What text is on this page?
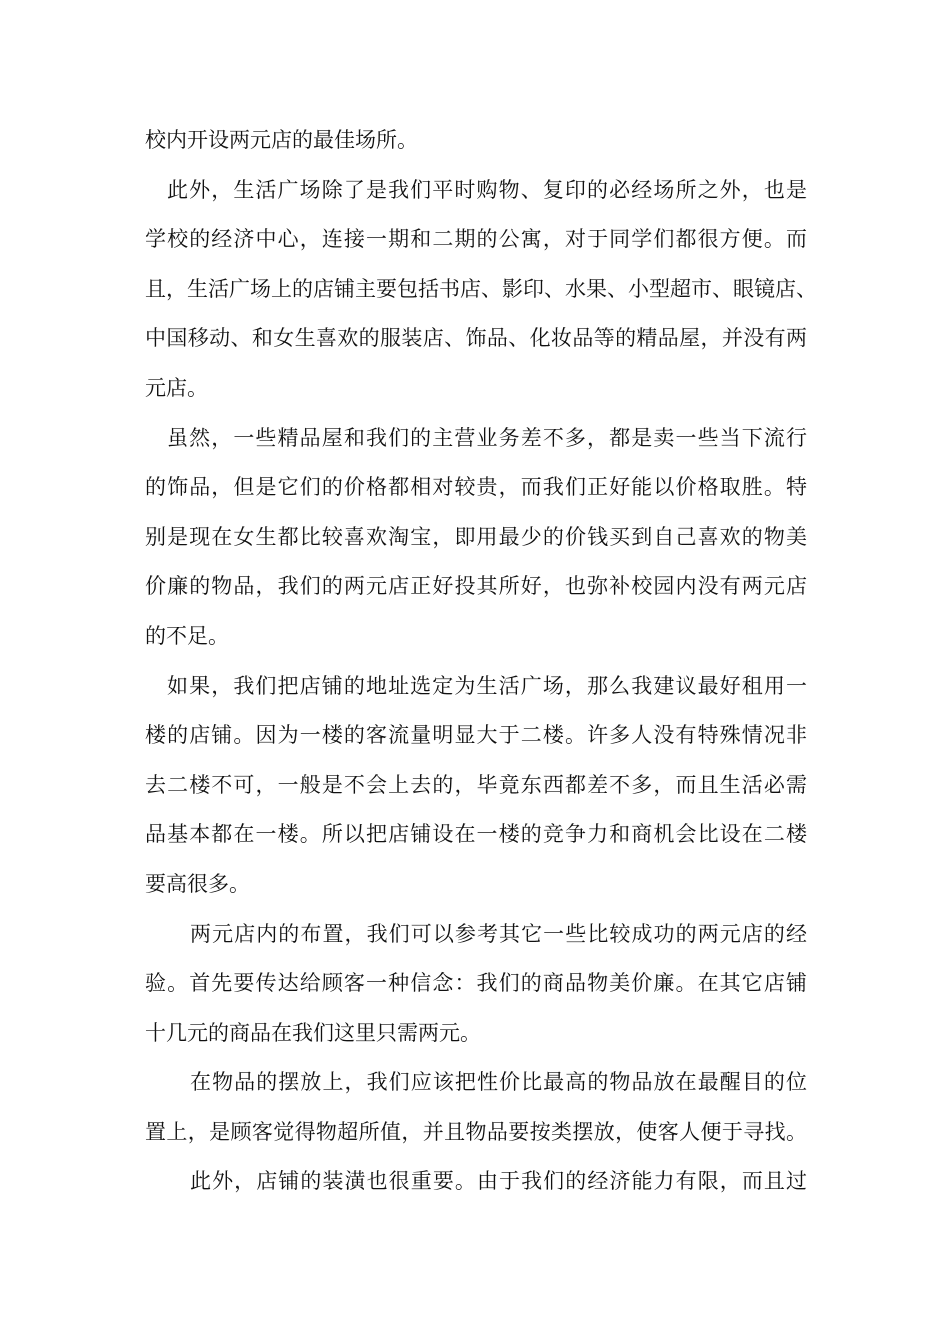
校内开设两元店的最佳场所。
此外，生活广场除了是我们平时购物、复印的必经场所之外，也是
学校的经济中心，连接一期和二期的公寓，对于同学们都很方便。而
且，生活广场上的店铺主要包括书店、影印、水果、小型超市、眼镜店、
中国移动、和女生喜欢的服装店、饰品、化妆品等的精品屋，并没有两
元店。
虽然，一些精品屋和我们的主营业务差不多，都是卖一些当下流行
的饰品，但是它们的价格都相对较贵，而我们正好能以价格取胜。特
别是现在女生都比较喜欢淘宝，即用最少的价钱买到自己喜欢的物美
价廉的物品，我们的两元店正好投其所好，也弥补校园内没有两元店
的不足。
如果，我们把店铺的地址选定为生活广场，那么我建议最好租用一
楼的店铺。因为一楼的客流量明显大于二楼。许多人没有特殊情况非
去二楼不可，一般是不会上去的，毕竟东西都差不多，而且生活必需
品基本都在一楼。所以把店铺设在一楼的竞争力和商机会比设在二楼
要高很多。
两元店内的布置，我们可以参考其它一些比较成功的两元店的经
验。首先要传达给顾客一种信念：我们的商品物美价廉。在其它店铺
十几元的商品在我们这里只需两元。
在物品的摆放上，我们应该把性价比最高的物品放在最醒目的位
置上，是顾客觉得物超所值，并且物品要按类摆放，使客人便于寻找。
此外，店铺的装潢也很重要。由于我们的经济能力有限，而且过
